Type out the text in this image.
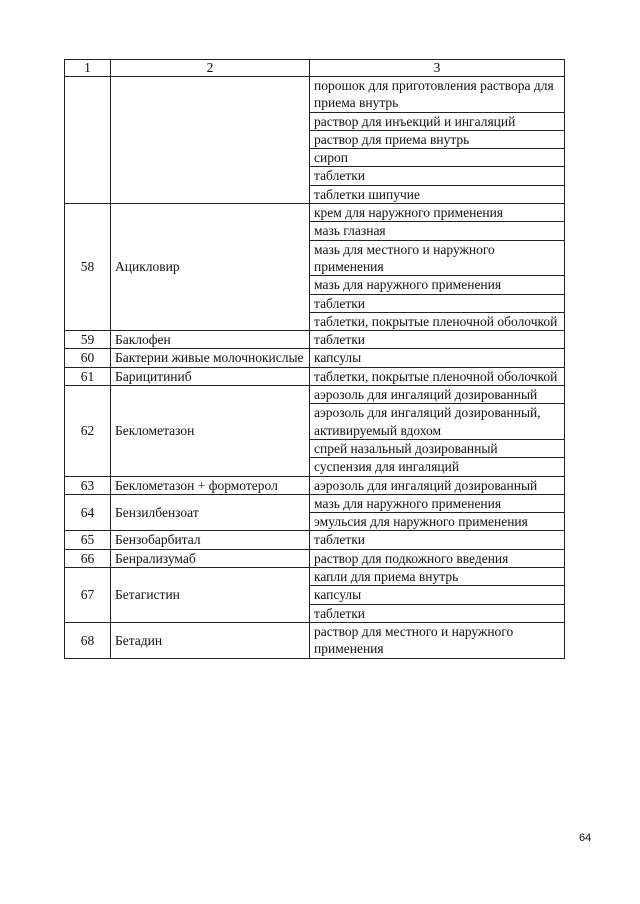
1	2	3
		порошок для приготовления раствора для приема внутрь
		раствор для инъекций и ингаляций
		раствор для приема внутрь
		сироп
		таблетки
		таблетки шипучие
58	Ацикловир	крем для наружного применения
		мазь глазная
		мазь для местного и наружного применения
		мазь для наружного применения
		таблетки
		таблетки, покрытые пленочной оболочкой
59	Баклофен	таблетки
60	Бактерии живые молочнокислые	капсулы
61	Барицитиниб	таблетки, покрытые пленочной оболочкой
62	Беклометазон	аэрозоль для ингаляций дозированный
		аэрозоль для ингаляций дозированный, активируемый вдохом
		спрей назальный дозированный
		суспензия для ингаляций
63	Беклометазон + формотерол	аэрозоль для ингаляций дозированный
64	Бензилбензоат	мазь для наружного применения
		эмульсия для наружного применения
65	Бензобарбитал	таблетки
66	Бенрализумаб	раствор для подкожного введения
67	Бетагистин	капли для приема внутрь
		капсулы
		таблетки
68	Бетадин	раствор для местного и наружного применения
64
